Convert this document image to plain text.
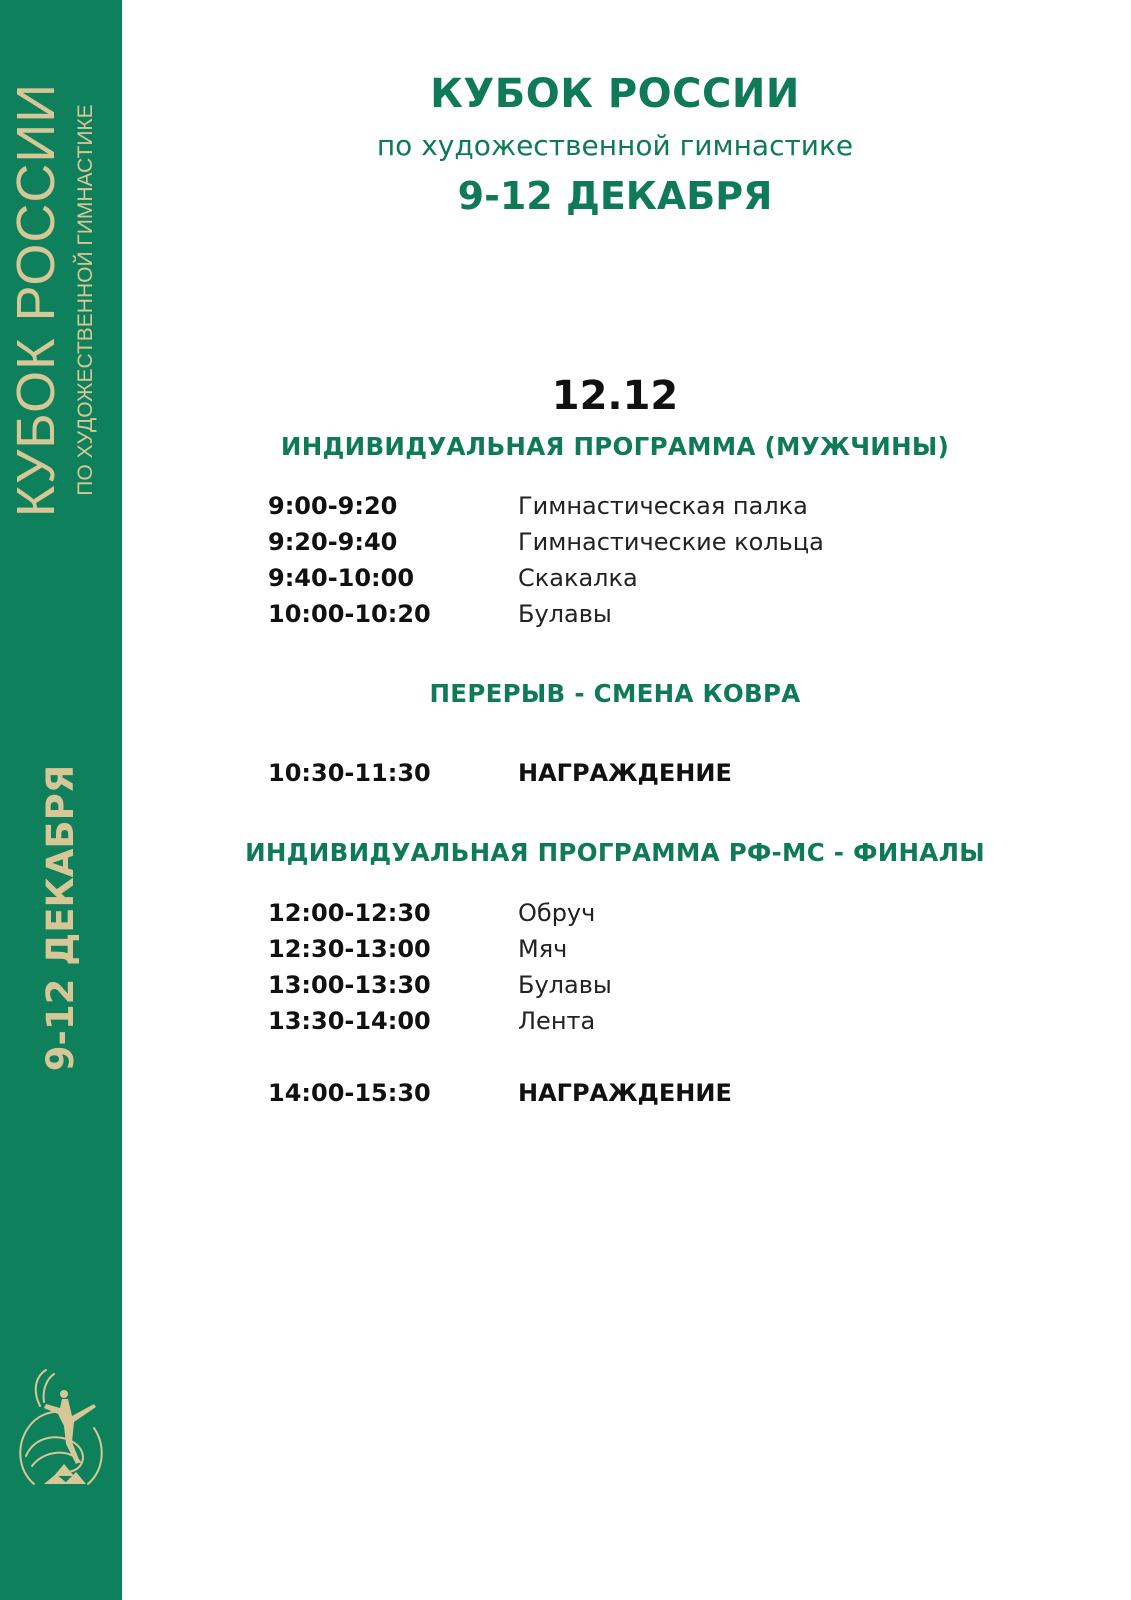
КУБОК РОССИИ ПО ХУДОЖЕСТВЕННОЙ ГИМНАСТИКЕ
9-12 ДЕКАБРЯ
КУБОК РОССИИ
по художественной гимнастике
9-12 ДЕКАБРЯ
12.12
ИНДИВИДУАЛЬНАЯ ПРОГРАММА (МУЖЧИНЫ)
9:00-9:20	Гимнастическая палка
9:20-9:40	Гимнастические кольца
9:40-10:00	Скакалка
10:00-10:20	Булавы
ПЕРЕРЫВ - СМЕНА КОВРА
10:30-11:30	НАГРАЖДЕНИЕ
ИНДИВИДУАЛЬНАЯ ПРОГРАММА РФ-МС - ФИНАЛЫ
12:00-12:30	Обруч
12:30-13:00	Мяч
13:00-13:30	Булавы
13:30-14:00	Лента
14:00-15:30	НАГРАЖДЕНИЕ
